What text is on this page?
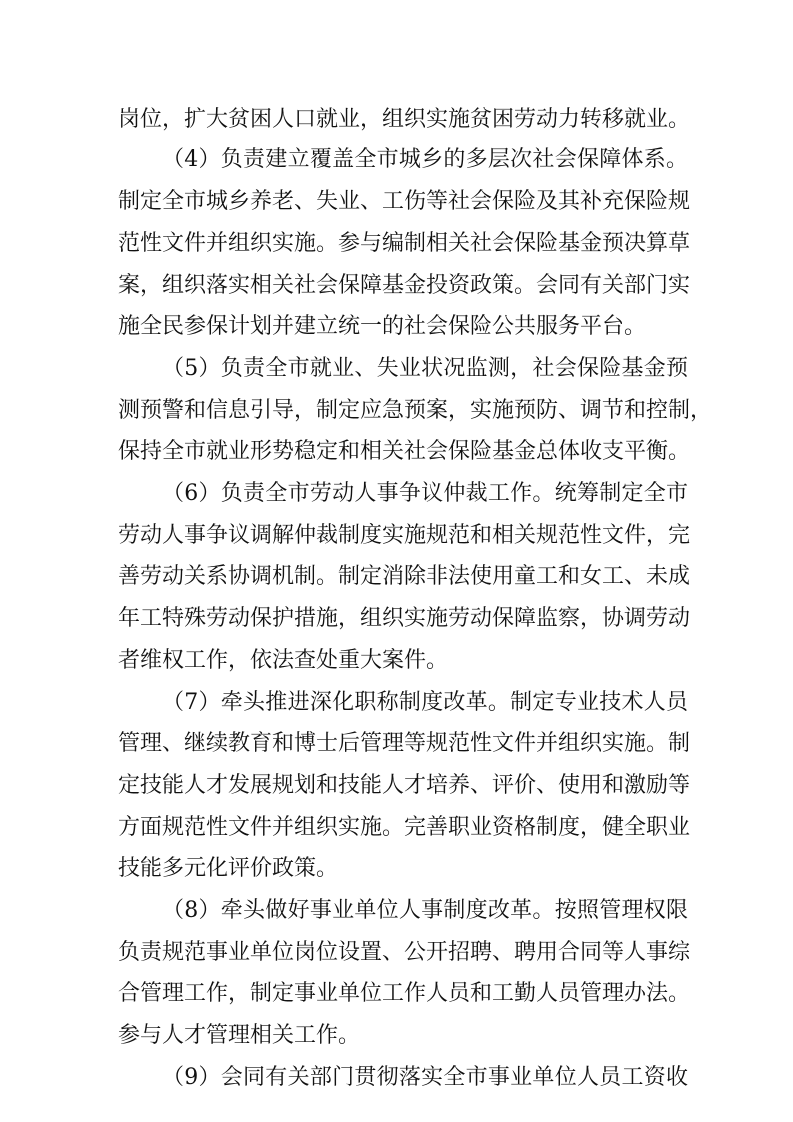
岗位，扩大贫困人口就业，组织实施贫困劳动力转移就业。
（4）负责建立覆盖全市城乡的多层次社会保障体系。
制定全市城乡养老、失业、工伤等社会保险及其补充保险规
范性文件并组织实施。参与编制相关社会保险基金预决算草
案，组织落实相关社会保障基金投资政策。会同有关部门实
施全民参保计划并建立统一的社会保险公共服务平台。
（5）负责全市就业、失业状况监测，社会保险基金预
测预警和信息引导，制定应急预案，实施预防、调节和控制，
保持全市就业形势稳定和相关社会保险基金总体收支平衡。
（6）负责全市劳动人事争议仲裁工作。统筹制定全市
劳动人事争议调解仲裁制度实施规范和相关规范性文件，完
善劳动关系协调机制。制定消除非法使用童工和女工、未成
年工特殊劳动保护措施，组织实施劳动保障监察，协调劳动
者维权工作，依法查处重大案件。
（7）牵头推进深化职称制度改革。制定专业技术人员
管理、继续教育和博士后管理等规范性文件并组织实施。制
定技能人才发展规划和技能人才培养、评价、使用和激励等
方面规范性文件并组织实施。完善职业资格制度，健全职业
技能多元化评价政策。
（8）牵头做好事业单位人事制度改革。按照管理权限
负责规范事业单位岗位设置、公开招聘、聘用合同等人事综
合管理工作，制定事业单位工作人员和工勤人员管理办法。
参与人才管理相关工作。
（9）会同有关部门贯彻落实全市事业单位人员工资收
